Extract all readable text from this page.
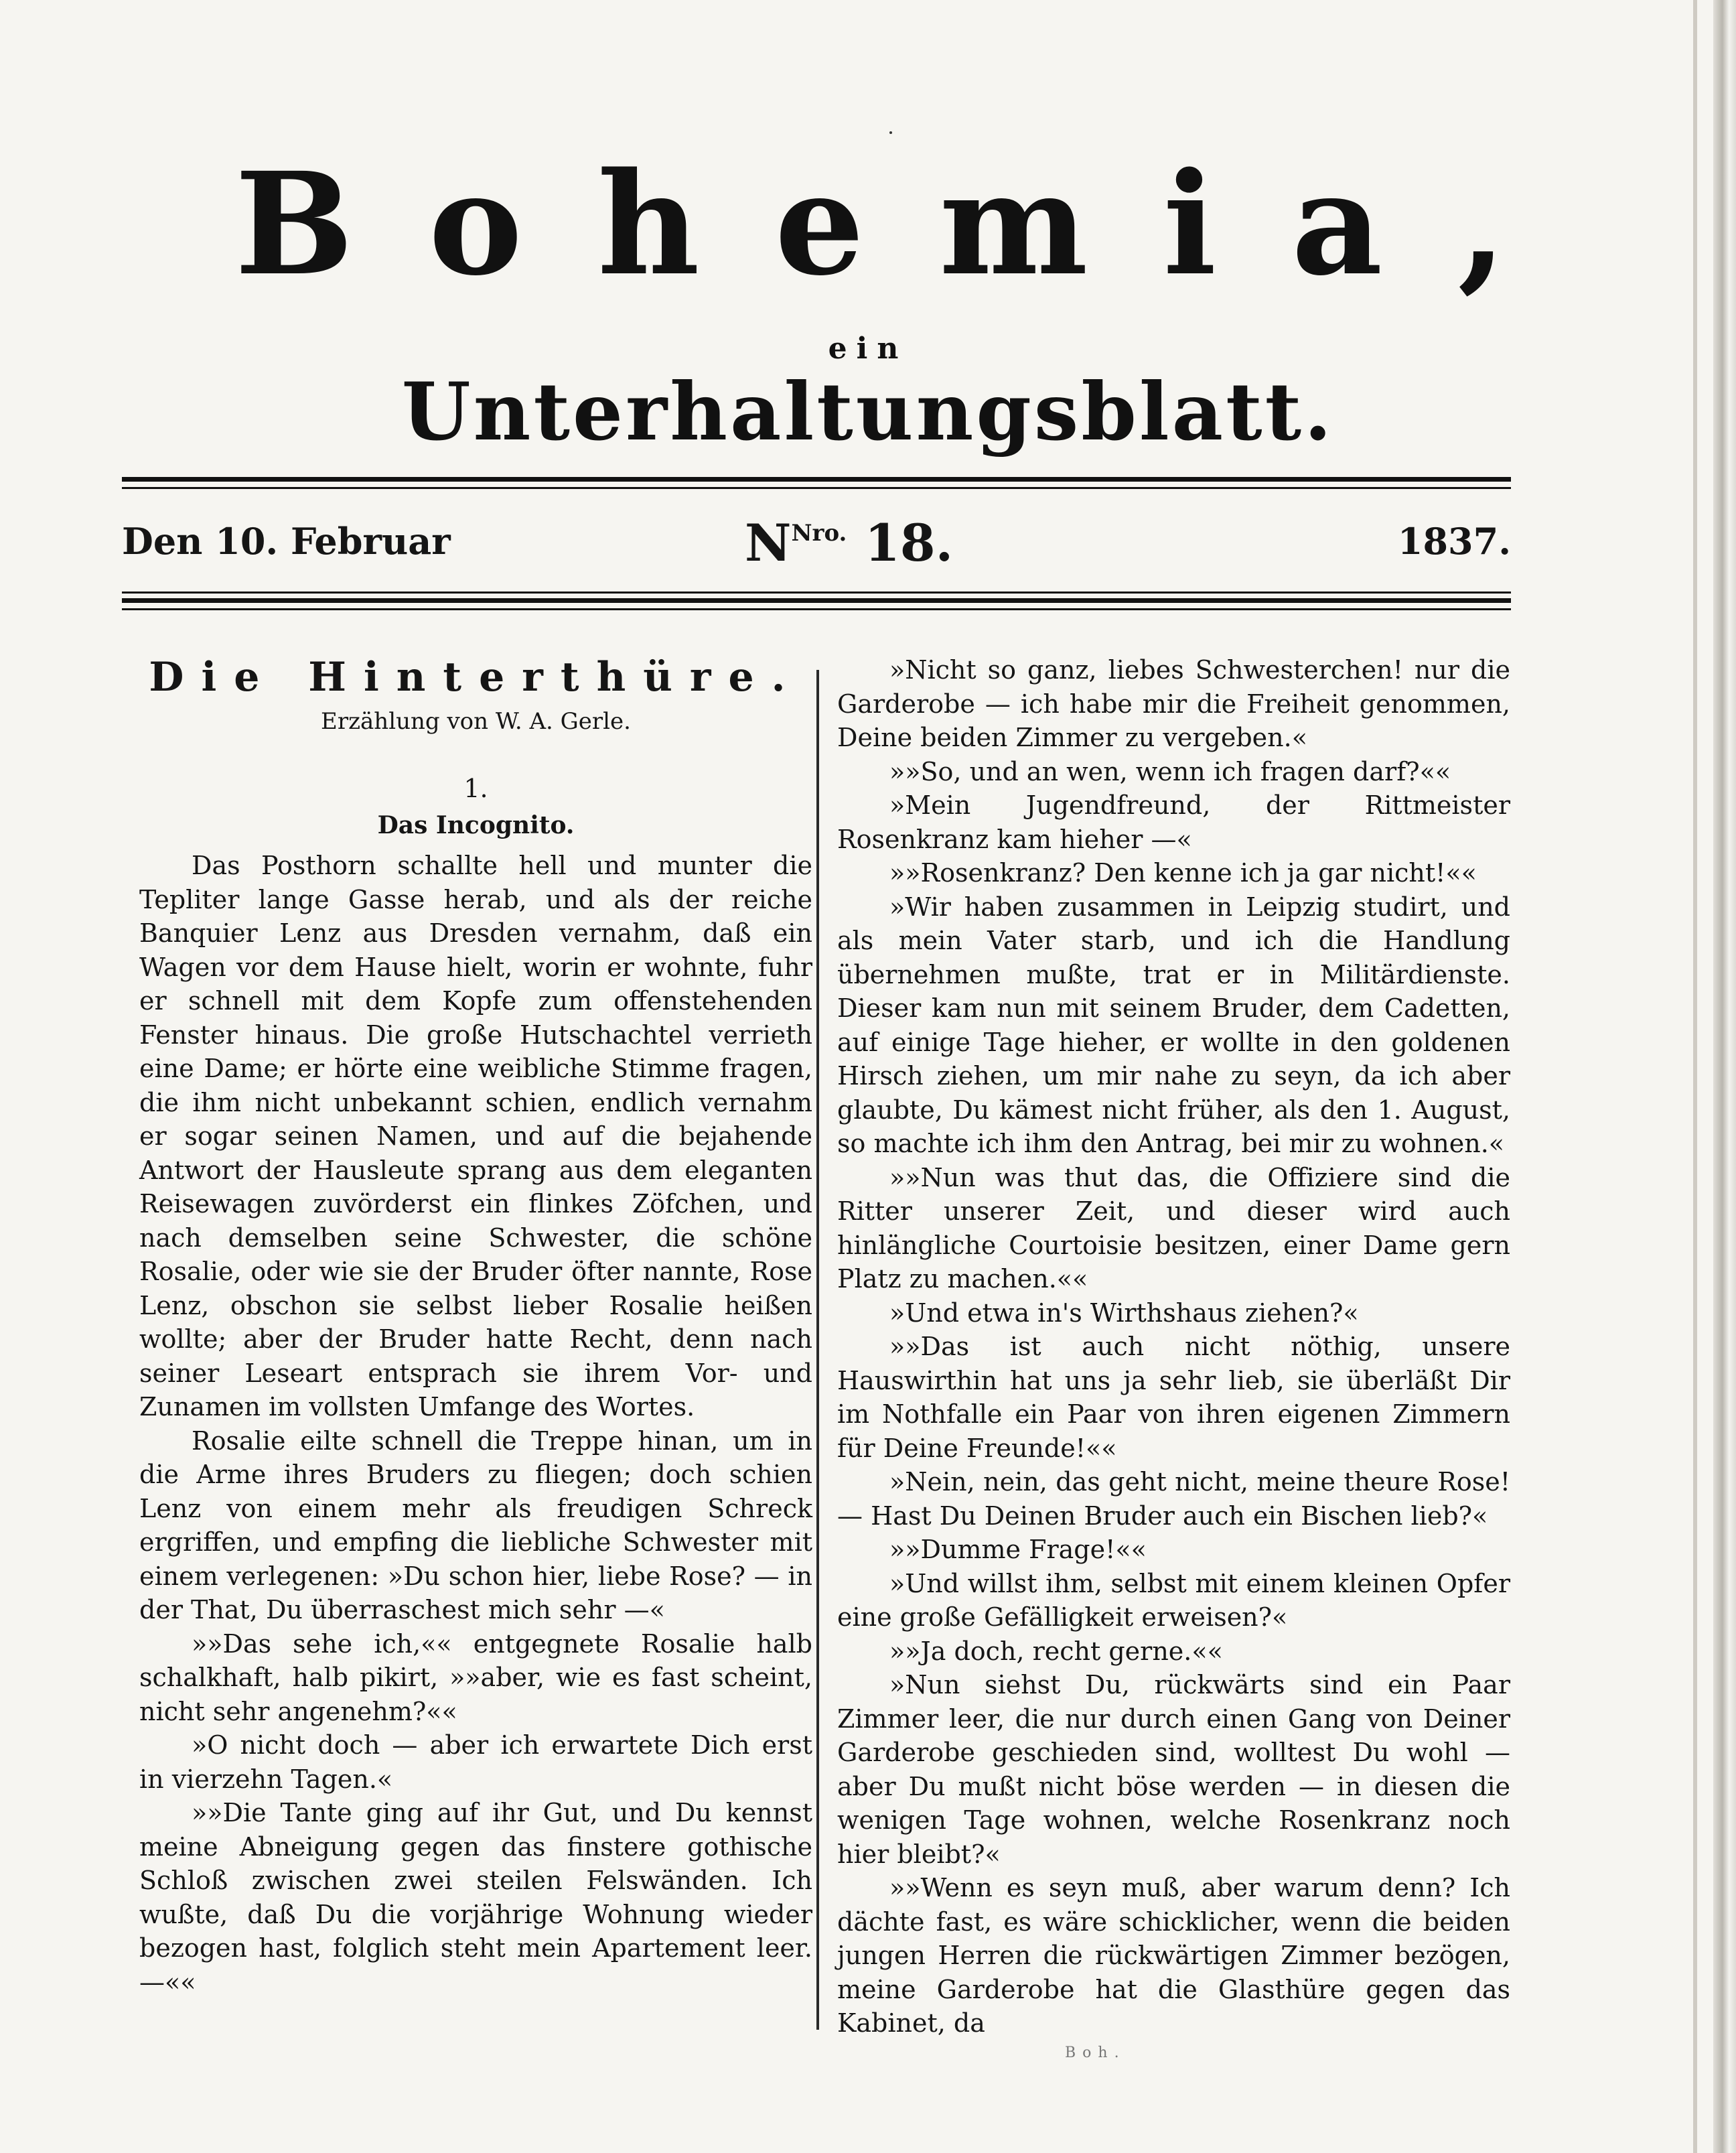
Bohemia,
ein
Unterhaltungsblatt.
Den 10. Februar	$N^{Nro.}$ 18.	1837.
Die Hinterthüre.
Erzählung von W. A. Gerle.
1.
Das Incognito.

Das Posthorn schallte hell und munter die Tepliter lange Gasse herab, und als der reiche Banquier Lenz aus Dresden vernahm, daß ein Wagen vor dem Hause hielt, worin er wohnte, fuhr er schnell mit dem Kopfe zum offenstehenden Fenster hinaus. Die große Hutschachtel verrieth eine Dame; er hörte eine weibliche Stimme fragen, die ihm nicht unbekannt schien, endlich vernahm er sogar seinen Namen, und auf die bejahende Antwort der Hausleute sprang aus dem eleganten Reisewagen zuvörderst ein flinkes Zöfchen, und nach demselben seine Schwester, die schöne Rosalie, oder wie sie der Bruder öfter nannte, Rose Lenz, obschon sie selbst lieber Rosalie heißen wollte; aber der Bruder hatte Recht, denn nach seiner Leseart entsprach sie ihrem Vor- und Zunamen im vollsten Umfange des Wortes.

Rosalie eilte schnell die Treppe hinan, um in die Arme ihres Bruders zu fliegen; doch schien Lenz von einem mehr als freudigen Schreck ergriffen, und empfing die liebliche Schwester mit einem verlegenen: »Du schon hier, liebe Rose? — in der That, Du überraschest mich sehr —«

»»Das sehe ich,«« entgegnete Rosalie halb schalkhaft, halb pikirt, »»aber, wie es fast scheint, nicht sehr angenehm?««

»O nicht doch — aber ich erwartete Dich erst in vierzehn Tagen.«

»»Die Tante ging auf ihr Gut, und Du kennst meine Abneigung gegen das finstere gothische Schloß zwischen zwei steilen Felswänden. Ich wußte, daß Du die vorjährige Wohnung wieder bezogen hast, folglich steht mein Apartement leer. —««

»Nicht so ganz, liebes Schwesterchen! nur die Garderobe — ich habe mir die Freiheit genommen, Deine beiden Zimmer zu vergeben.«

»»So, und an wen, wenn ich fragen darf?««

»Mein Jugendfreund, der Rittmeister Rosenkranz kam hieher —«

»»Rosenkranz? Den kenne ich ja gar nicht!««

»Wir haben zusammen in Leipzig studirt, und als mein Vater starb, und ich die Handlung übernehmen mußte, trat er in Militärdienste. Dieser kam nun mit seinem Bruder, dem Cadetten, auf einige Tage hieher, er wollte in den goldenen Hirsch ziehen, um mir nahe zu seyn, da ich aber glaubte, Du kämest nicht früher, als den 1. August, so machte ich ihm den Antrag, bei mir zu wohnen.«

»»Nun was thut das, die Offiziere sind die Ritter unserer Zeit, und dieser wird auch hinlängliche Courtoisie besitzen, einer Dame gern Platz zu machen.««

»Und etwa in's Wirthshaus ziehen?«

»»Das ist auch nicht nöthig, unsere Hauswirthin hat uns ja sehr lieb, sie überläßt Dir im Nothfalle ein Paar von ihren eigenen Zimmern für Deine Freunde!««

»Nein, nein, das geht nicht, meine theure Rose! — Hast Du Deinen Bruder auch ein Bischen lieb?«

»»Dumme Frage!««

»Und willst ihm, selbst mit einem kleinen Opfer eine große Gefälligkeit erweisen?«

»»Ja doch, recht gerne.««

»Nun siehst Du, rückwärts sind ein Paar Zimmer leer, die nur durch einen Gang von Deiner Garderobe geschieden sind, wolltest Du wohl — aber Du mußt nicht böse werden — in diesen die wenigen Tage wohnen, welche Rosenkranz noch hier bleibt?«

»»Wenn es seyn muß, aber warum denn? Ich dächte fast, es wäre schicklicher, wenn die beiden jungen Herren die rückwärtigen Zimmer bezögen, meine Garderobe hat die Glasthüre gegen das Kabinet, da

Boh.
